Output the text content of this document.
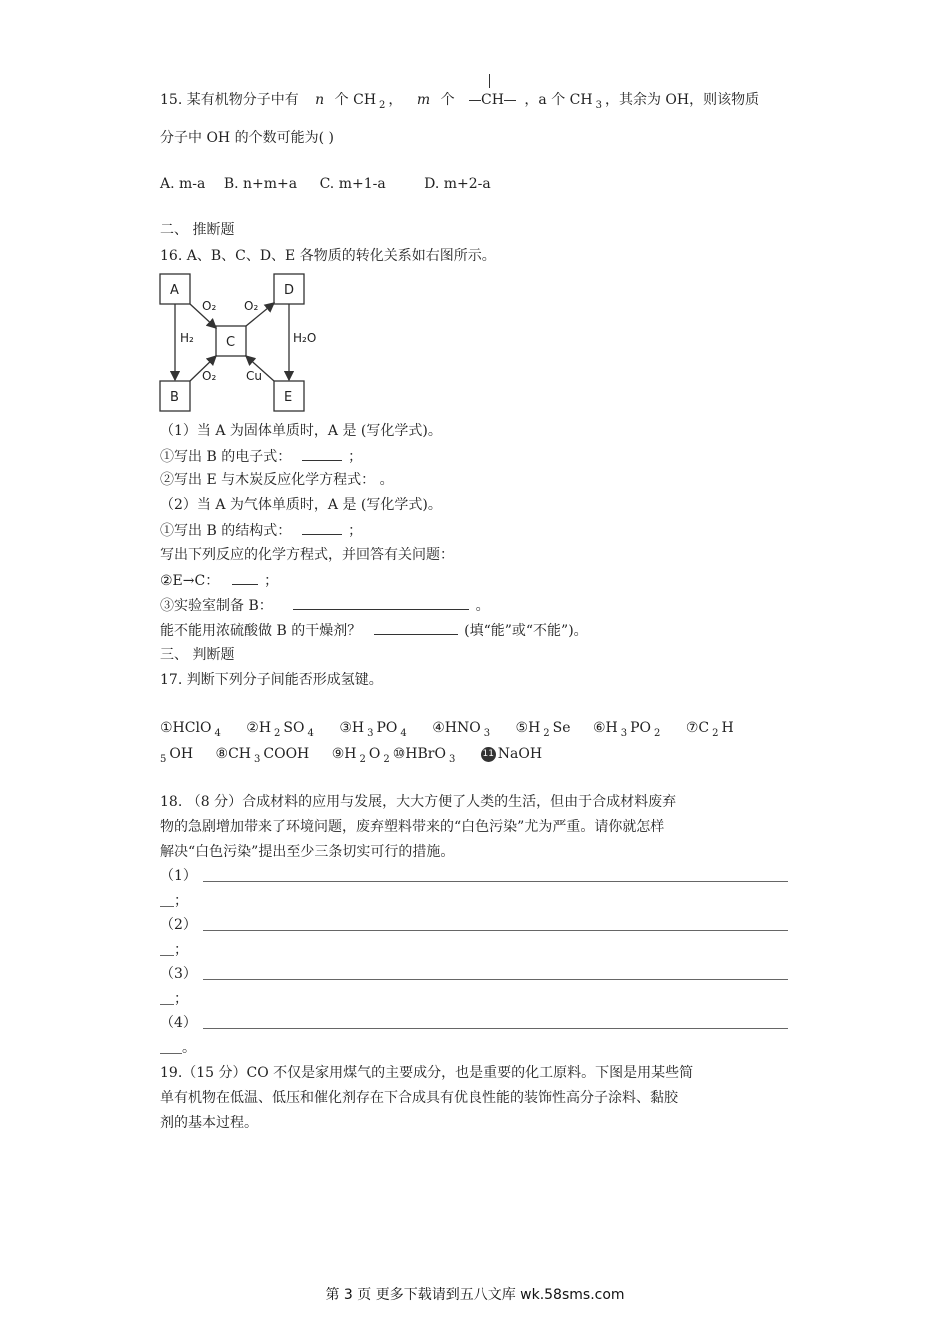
15. 某有机物分子中有 n 个 CH $_2$ ， m 个 CH ，a 个 CH $_3$ ，其余为 OH，则该物质
分子中 OH 的个数可能为( )
A. m-a B. n+m+a C. m+1-a	D. m+2-a
二、 推断题
16. A、B、C、D、E 各物质的转化关系如右图所示。
A	D
C
B	E
O₂ O₂
H₂	H₂O
O₂ Cu
（1）当 A 为固体单质时，A 是 (写化学式)。
①写出 B 的电子式：	；
②写出 E 与木炭反应化学方程式： 。
（2）当 A 为气体单质时，A 是 (写化学式)。
①写出 B 的结构式：	；
写出下列反应的化学方程式，并回答有关问题：
②E→C：	；
③实验室制备 B：	。
能不能用浓硫酸做 B 的干燥剂？	(填“能”或“不能”)。
三、 判断题
17. 判断下列分子间能否形成氢键。
①HClO $_4$ ②H $_2$ SO $_4$ ③H $_3$ PO $_4$ ④HNO $_3$ ⑤H $_2$ Se ⑥H $_3$ PO $_2$ ⑦C $_2$ H
$_5$ OH ⑧CH $_3$ COOH ⑨H $_2$ O $_2$ ⑩HBrO $_3$ 11 NaOH
18. （8 分）合成材料的应用与发展，大大方便了人类的生活，但由于合成材料废弃
物的急剧增加带来了环境问题，废弃塑料带来的“白色污染”尤为严重。请你就怎样
解决“白色污染”提出至少三条切实可行的措施。
（1）
；
（2）
；
（3）
；
（4）
。
19.（15 分）CO 不仅是家用煤气的主要成分，也是重要的化工原料。下图是用某些简
单有机物在低温、低压和催化剂存在下合成具有优良性能的装饰性高分子涂料、黏胶
剂的基本过程。
第 3 页 更多下载请到五八文库 wk.58sms.com
